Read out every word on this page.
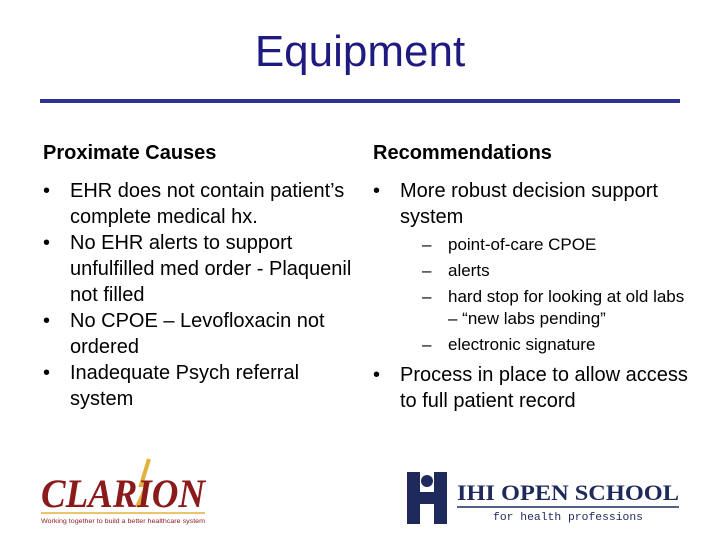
Equipment
Proximate Causes
• EHR does not contain patient’s complete medical hx.
• No EHR alerts to support unfulfilled med order - Plaquenil not filled
• No CPOE – Levofloxacin not ordered
• Inadequate Psych referral system
Recommendations
• More robust decision support system
– point-of-care CPOE
– alerts
– hard stop for looking at old labs – “new labs pending”
– electronic signature
• Process in place to allow access to full patient record
CLARION
Working together to build a better healthcare system
IHI OPEN SCHOOL
for health professions
